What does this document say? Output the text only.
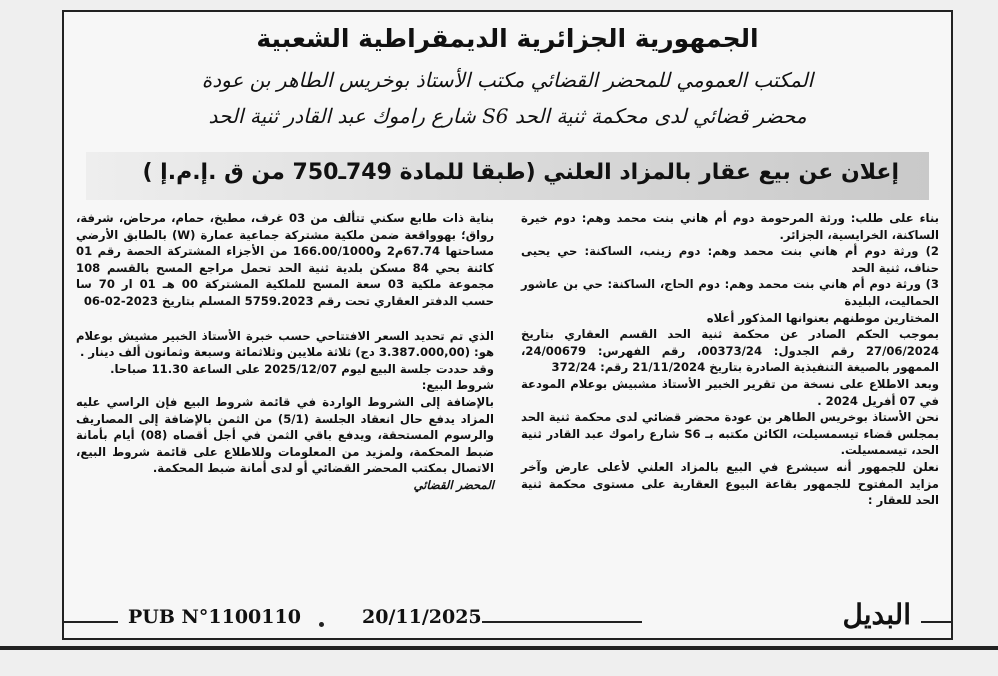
الجمهورية الجزائرية الديمقراطية الشعبية
المكتب العمومي للمحضر القضائي مكتب الأستاذ بوخريس الطاهر بن عودة
محضر قضائي لدى محكمة ثنية الحد S6 شارع راموك عبد القادر ثنية الحد
إعلان عن بيع عقار بالمزاد العلني (طبقا للمادة 749ـ750 من ق .إ.م.إ )

بناء على طلب: ورثة المرحومة دوم أم هاني بنت محمد وهم: دوم خيرة الساكنة، الخرايسية، الجزائر.

2) ورثة دوم أم هاني بنت محمد وهم: دوم زينب، الساكنة: حي يحيى حناف، ثنية الحد

3) ورثة دوم أم هاني بنت محمد وهم: دوم الحاج، الساكنة: حي بن عاشور الحماليت، البليدة

المختارين موطنهم بعنوانها المذكور أعلاه

بموجب الحكم الصادر عن محكمة ثنية الحد القسم العقاري بتاريخ 27/06/2024 رقم الجدول: 00373/24، رقم الفهرس: 24/00679، الممهور بالصيغة التنفيذية الصادرة بتاريخ 21/11/2024 رقم: 372/24

وبعد الاطلاع على نسخة من تقرير الخبير الأستاذ مشبيش بوعلام المودعة في 07 أفريل 2024 .

نحن الأستاذ بوخريس الطاهر بن عودة محضر قضائي لدى محكمة ثنية الحد بمجلس قضاء تيسمسيلت، الكائن مكتبه بـ S6 شارع راموك عبد القادر ثنية الحد، تيسمسيلت.

نعلن للجمهور أنه سيشرع في البيع بالمزاد العلني لأعلى عارض وآخر مزايد المفتوح للجمهور بقاعة البيوع العقارية على مستوى محكمة ثنية الحد للعقار :

بناية ذات طابع سكني تتألف من 03 غرف، مطبخ، حمام، مرحاض، شرفة، رواق؛ بهوواقعة ضمن ملكية مشتركة جماعية عمارة (W) بالطابق الأرضي مساحتها 67.74م2 و166.00/1000 من الأجزاء المشتركة الحصة رقم 01 كائنة بحي 84 مسكن بلدية ثنية الحد تحمل مراجع المسح بالقسم 108 مجموعة ملكية 03 سعة المسح للملكية المشتركة 00 هـ 01 ار 70 سا حسب الدفتر العقاري تحت رقم 5759.2023 المسلم بتاريخ 2023-02-06

الذي تم تحديد السعر الافتتاحي حسب خبرة الأستاذ الخبير مشيش بوعلام هو: (3.387.000,00 دج) ثلاثة ملايين وثلاثمائة وسبعة وثمانون ألف دينار .

وقد حددت جلسة البيع ليوم 2025/12/07 على الساعة 11.30 صباحا.

شروط البيع:

بالإضافة إلى الشروط الواردة في قائمة شروط البيع فإن الراسي عليه المزاد يدفع حال انعقاد الجلسة (5/1) من الثمن بالإضافة إلى المصاريف والرسوم المستحقة، ويدفع باقي الثمن في أجل أقصاه (08) أيام بأمانة ضبط المحكمة، ولمزيد من المعلومات وللاطلاع على قائمة شروط البيع، الاتصال بمكتب المحضر القضائي أو لدى أمانة ضبط المحكمة.

المحضر القضائي

PUB N°1100110	20/11/2025	البديل
